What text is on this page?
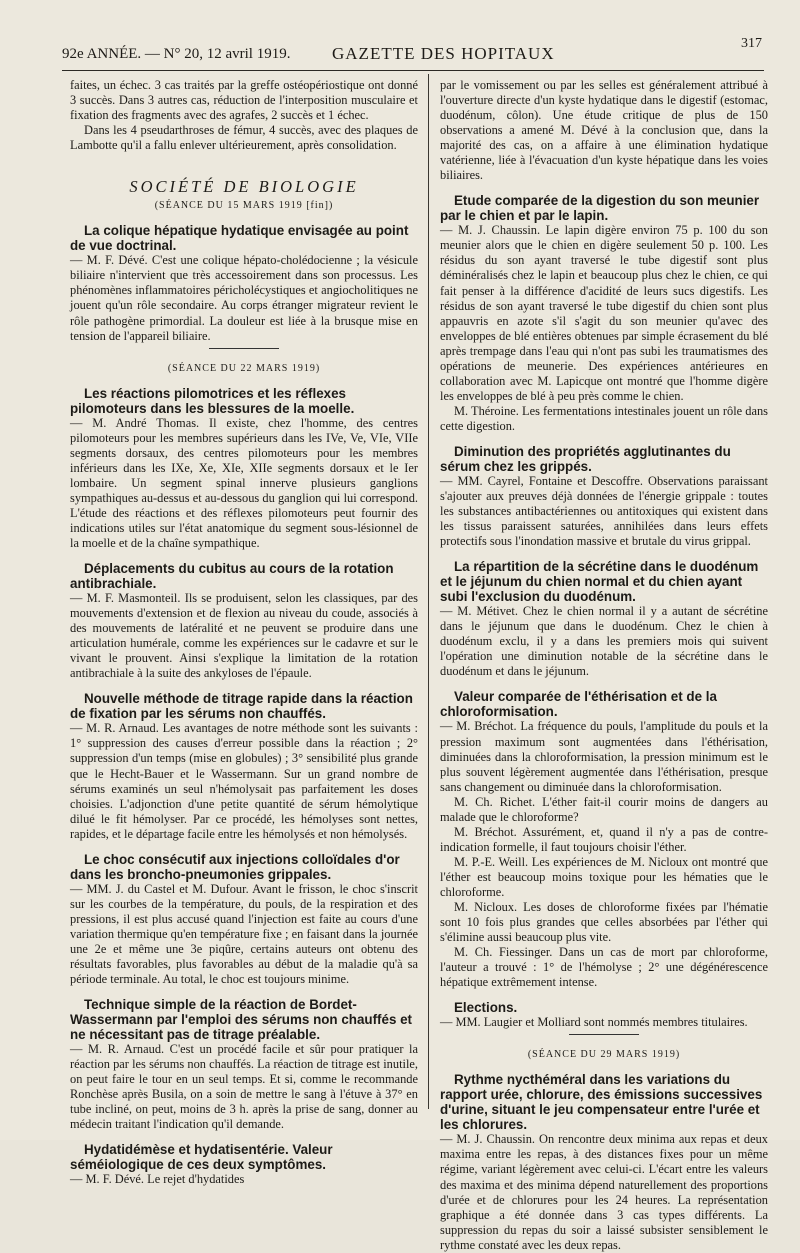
92e ANNÉE. — N° 20, 12 avril 1919. GAZETTE DES HOPITAUX
317

faites, un échec. 3 cas traités par la greffe ostéopériostique ont donné 3 succès. Dans 3 autres cas, réduction de l'interposition musculaire et fixation des fragments avec des agrafes, 2 succès et 1 échec.

Dans les 4 pseudarthroses de fémur, 4 succès, avec des plaques de Lambotte qu'il a fallu enlever ultérieurement, après consolidation.

SOCIÉTÉ DE BIOLOGIE
(SÉANCE DU 15 MARS 1919 [fin])
La colique hépatique hydatique envisagée au point de vue doctrinal.

— M. F. Dévé. C'est une colique hépato-cholédocienne ; la vésicule biliaire n'intervient que très accessoirement dans son processus. Les phénomènes inflammatoires péricholécystiques et angiocholitiques ne jouent qu'un rôle secondaire. Au corps étranger migrateur revient le rôle pathogène primordial. La douleur est liée à la brusque mise en tension de l'appareil biliaire.

(SÉANCE DU 22 MARS 1919)
Les réactions pilomotrices et les réflexes pilomoteurs dans les blessures de la moelle.

— M. André Thomas. Il existe, chez l'homme, des centres pilomoteurs pour les membres supérieurs dans les IVe, Ve, VIe, VIIe segments dorsaux, des centres pilomoteurs pour les membres inférieurs dans les IXe, Xe, XIe, XIIe segments dorsaux et le Ier lombaire. Un segment spinal innerve plusieurs ganglions sympathiques au-dessus et au-dessous du ganglion qui lui correspond. L'étude des réactions et des réflexes pilomoteurs peut fournir des indications utiles sur l'état anatomique du segment sous-lésionnel de la moelle et de la chaîne sympathique.

Déplacements du cubitus au cours de la rotation antibrachiale.

— M. F. Masmonteil. Ils se produisent, selon les classiques, par des mouvements d'extension et de flexion au niveau du coude, associés à des mouvements de latéralité et ne peuvent se produire dans une articulation humérale, comme les expériences sur le cadavre et sur le vivant le prouvent. Ainsi s'explique la limitation de la rotation antibrachiale à la suite des ankyloses de l'épaule.

Nouvelle méthode de titrage rapide dans la réaction de fixation par les sérums non chauffés.

— M. R. Arnaud. Les avantages de notre méthode sont les suivants : 1° suppression des causes d'erreur possible dans la réaction ; 2° suppression d'un temps (mise en globules) ; 3° sensibilité plus grande que le Hecht-Bauer et le Wassermann. Sur un grand nombre de sérums examinés un seul n'hémolysait pas parfaitement les doses choisies. L'adjonction d'une petite quantité de sérum hémolytique dilué le fit hémolyser. Par ce procédé, les hémolyses sont nettes, rapides, et le départage facile entre les hémolysés et non hémolysés.

Le choc consécutif aux injections colloïdales d'or dans les broncho-pneumonies grippales.

— MM. J. du Castel et M. Dufour. Avant le frisson, le choc s'inscrit sur les courbes de la température, du pouls, de la respiration et des pressions, il est plus accusé quand l'injection est faite au cours d'une variation thermique qu'en température fixe ; en faisant dans la journée une 2e et même une 3e piqûre, certains auteurs ont obtenu des résultats favorables, plus favorables au début de la maladie qu'à sa période terminale. Au total, le choc est toujours minime.

Technique simple de la réaction de Bordet-Wassermann par l'emploi des sérums non chauffés et ne nécessitant pas de titrage préalable.

— M. R. Arnaud. C'est un procédé facile et sûr pour pratiquer la réaction par les sérums non chauffés. La réaction de titrage est inutile, on peut faire le tour en un seul temps. Et si, comme le recommande Ronchèse après Busila, on a soin de mettre le sang à l'étuve à 37° en tube incliné, on peut, moins de 3 h. après la prise de sang, donner au médecin traitant l'indication qu'il demande.

Hydatidémèse et hydatisentérie. Valeur séméiologique de ces deux symptômes.

— M. F. Dévé. Le rejet d'hydatides

par le vomissement ou par les selles est généralement attribué à l'ouverture directe d'un kyste hydatique dans le digestif (estomac, duodénum, côlon). Une étude critique de plus de 150 observations a amené M. Dévé à la conclusion que, dans la majorité des cas, on a affaire à une élimination hydatique vatérienne, liée à l'évacuation d'un kyste hépatique dans les voies biliaires.

Etude comparée de la digestion du son meunier par le chien et par le lapin.

— M. J. Chaussin. Le lapin digère environ 75 p. 100 du son meunier alors que le chien en digère seulement 50 p. 100. Les résidus du son ayant traversé le tube digestif sont plus déminéralisés chez le lapin et beaucoup plus chez le chien, ce qui fait penser à la différence d'acidité de leurs sucs digestifs. Les résidus de son ayant traversé le tube digestif du chien sont plus appauvris en azote s'il s'agit du son meunier qu'avec des enveloppes de blé entières obtenues par simple écrasement du blé après trempage dans l'eau qui n'ont pas subi les traumatismes des opérations de meunerie. Des expériences antérieures en collaboration avec M. Lapicque ont montré que l'homme digère les enveloppes de blé à peu près comme le chien.

M. Théroine. Les fermentations intestinales jouent un rôle dans cette digestion.

Diminution des propriétés agglutinantes du sérum chez les grippés.

— MM. Cayrel, Fontaine et Descoffre. Observations paraissant s'ajouter aux preuves déjà données de l'énergie grippale : toutes les substances antibactériennes ou antitoxiques qui existent dans les tissus paraissent saturées, annihilées dans leurs effets protectifs sous l'inondation massive et brutale du virus grippal.

La répartition de la sécrétine dans le duodénum et le jéjunum du chien normal et du chien ayant subi l'exclusion du duodénum.

— M. Métivet. Chez le chien normal il y a autant de sécrétine dans le jéjunum que dans le duodénum. Chez le chien à duodénum exclu, il y a dans les premiers mois qui suivent l'opération une diminution notable de la sécrétine dans le duodénum et dans le jéjunum.

Valeur comparée de l'éthérisation et de la chloroformisation.

— M. Bréchot. La fréquence du pouls, l'amplitude du pouls et la pression maximum sont augmentées dans l'éthérisation, diminuées dans la chloroformisation, la pression minimum est le plus souvent légèrement augmentée dans l'éthérisation, presque sans changement ou diminuée dans la chloroformisation.

M. Ch. Richet. L'éther fait-il courir moins de dangers au malade que le chloroforme?

M. Bréchot. Assurément, et, quand il n'y a pas de contre-indication formelle, il faut toujours choisir l'éther.

M. P.-E. Weill. Les expériences de M. Nicloux ont montré que l'éther est beaucoup moins toxique pour les hématies que le chloroforme.

M. Nicloux. Les doses de chloroforme fixées par l'hématie sont 10 fois plus grandes que celles absorbées par l'éther qui s'élimine aussi beaucoup plus vite.

M. Ch. Fiessinger. Dans un cas de mort par chloroforme, l'auteur a trouvé : 1° de l'hémolyse ; 2° une dégénérescence hépatique extrêmement intense.

Elections.

— MM. Laugier et Molliard sont nommés membres titulaires.

(SÉANCE DU 29 MARS 1919)
Rythme nycthéméral dans les variations du rapport urée, chlorure, des émissions successives d'urine, situant le jeu compensateur entre l'urée et les chlorures.

— M. J. Chaussin. On rencontre deux minima aux repas et deux maxima entre les repas, à des distances fixes pour un même régime, variant légèrement avec celui-ci. L'écart entre les valeurs des maxima et des minima dépend naturellement des proportions d'urée et de chlorures pour les 24 heures. La représentation graphique a été donnée dans 3 cas types différents. La suppression du repas du soir a laissé subsister sensiblement le rythme constaté avec les deux repas.
